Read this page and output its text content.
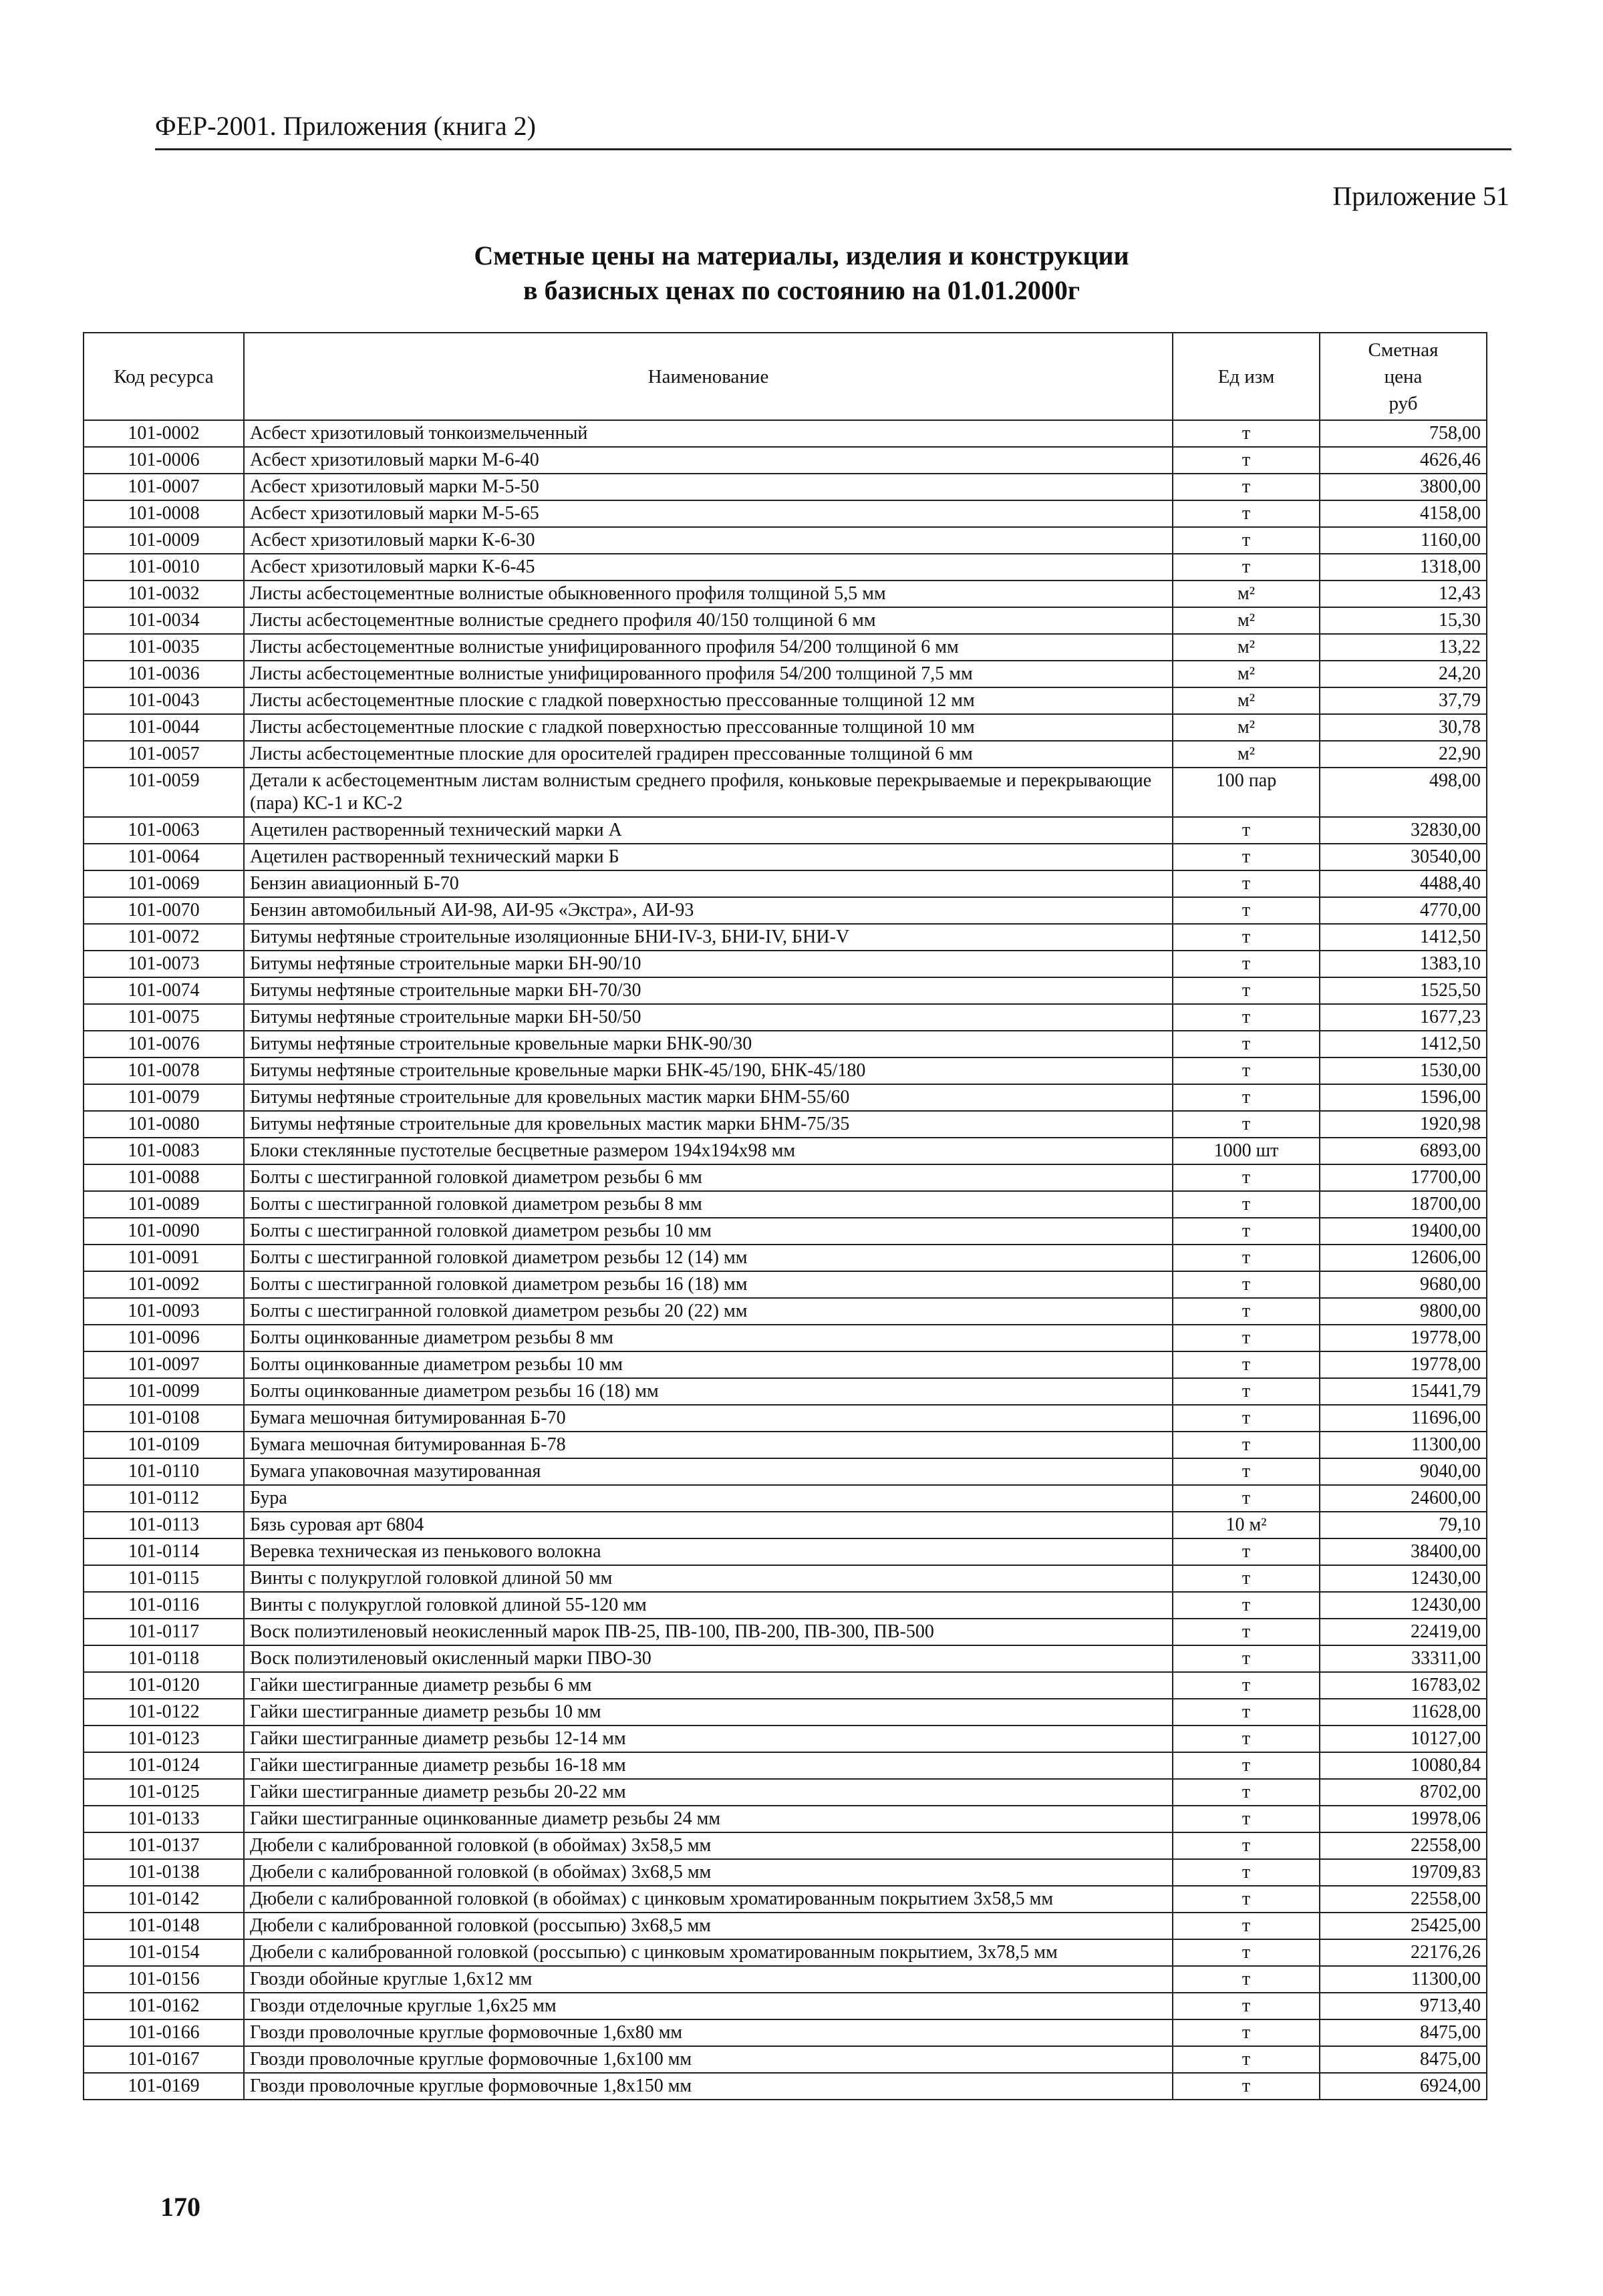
ФЕР-2001. Приложения (книга 2)
Приложение 51
Сметные цены на материалы, изделия и конструкции
в базисных ценах по состоянию на 01.01.2000г
Код ресурса	Наименование	Ед изм	Сметная
цена
руб
101-0002	Асбест хризотиловый тонкоизмельченный	т	758,00
101-0006	Асбест хризотиловый марки М-6-40	т	4626,46
101-0007	Асбест хризотиловый марки М-5-50	т	3800,00
101-0008	Асбест хризотиловый марки М-5-65	т	4158,00
101-0009	Асбест хризотиловый марки К-6-30	т	1160,00
101-0010	Асбест хризотиловый марки К-6-45	т	1318,00
101-0032	Листы асбестоцементные волнистые обыкновенного профиля толщиной 5,5 мм	м²	12,43
101-0034	Листы асбестоцементные волнистые среднего профиля 40/150 толщиной 6 мм	м²	15,30
101-0035	Листы асбестоцементные волнистые унифицированного профиля 54/200 толщиной 6 мм	м²	13,22
101-0036	Листы асбестоцементные волнистые унифицированного профиля 54/200 толщиной 7,5 мм	м²	24,20
101-0043	Листы асбестоцементные плоские с гладкой поверхностью прессованные толщиной 12 мм	м²	37,79
101-0044	Листы асбестоцементные плоские с гладкой поверхностью прессованные толщиной 10 мм	м²	30,78
101-0057	Листы асбестоцементные плоские для оросителей градирен прессованные толщиной 6 мм	м²	22,90
101-0059	Детали к асбестоцементным листам волнистым среднего профиля, коньковые перекрываемые и перекрывающие (пара) КС-1 и КС-2	100 пар	498,00
101-0063	Ацетилен растворенный технический марки А	т	32830,00
101-0064	Ацетилен растворенный технический марки Б	т	30540,00
101-0069	Бензин авиационный Б-70	т	4488,40
101-0070	Бензин автомобильный АИ-98, АИ-95 «Экстра», АИ-93	т	4770,00
101-0072	Битумы нефтяные строительные изоляционные БНИ-IV-3, БНИ-IV, БНИ-V	т	1412,50
101-0073	Битумы нефтяные строительные марки БН-90/10	т	1383,10
101-0074	Битумы нефтяные строительные марки БН-70/30	т	1525,50
101-0075	Битумы нефтяные строительные марки БН-50/50	т	1677,23
101-0076	Битумы нефтяные строительные кровельные марки БНК-90/30	т	1412,50
101-0078	Битумы нефтяные строительные кровельные марки БНК-45/190, БНК-45/180	т	1530,00
101-0079	Битумы нефтяные строительные для кровельных мастик марки БНМ-55/60	т	1596,00
101-0080	Битумы нефтяные строительные для кровельных мастик марки БНМ-75/35	т	1920,98
101-0083	Блоки стеклянные пустотелые бесцветные размером 194х194х98 мм	1000 шт	6893,00
101-0088	Болты с шестигранной головкой диаметром резьбы 6 мм	т	17700,00
101-0089	Болты с шестигранной головкой диаметром резьбы 8 мм	т	18700,00
101-0090	Болты с шестигранной головкой диаметром резьбы 10 мм	т	19400,00
101-0091	Болты с шестигранной головкой диаметром резьбы 12 (14) мм	т	12606,00
101-0092	Болты с шестигранной головкой диаметром резьбы 16 (18) мм	т	9680,00
101-0093	Болты с шестигранной головкой диаметром резьбы 20 (22) мм	т	9800,00
101-0096	Болты оцинкованные диаметром резьбы 8 мм	т	19778,00
101-0097	Болты оцинкованные диаметром резьбы 10 мм	т	19778,00
101-0099	Болты оцинкованные диаметром резьбы 16 (18) мм	т	15441,79
101-0108	Бумага мешочная битумированная Б-70	т	11696,00
101-0109	Бумага мешочная битумированная Б-78	т	11300,00
101-0110	Бумага упаковочная мазутированная	т	9040,00
101-0112	Бура	т	24600,00
101-0113	Бязь суровая арт 6804	10 м²	79,10
101-0114	Веревка техническая из пенькового волокна	т	38400,00
101-0115	Винты с полукруглой головкой длиной 50 мм	т	12430,00
101-0116	Винты с полукруглой головкой длиной 55-120 мм	т	12430,00
101-0117	Воск полиэтиленовый неокисленный марок ПВ-25, ПВ-100, ПВ-200, ПВ-300, ПВ-500	т	22419,00
101-0118	Воск полиэтиленовый окисленный марки ПВО-30	т	33311,00
101-0120	Гайки шестигранные диаметр резьбы 6 мм	т	16783,02
101-0122	Гайки шестигранные диаметр резьбы 10 мм	т	11628,00
101-0123	Гайки шестигранные диаметр резьбы 12-14 мм	т	10127,00
101-0124	Гайки шестигранные диаметр резьбы 16-18 мм	т	10080,84
101-0125	Гайки шестигранные диаметр резьбы 20-22 мм	т	8702,00
101-0133	Гайки шестигранные оцинкованные диаметр резьбы 24 мм	т	19978,06
101-0137	Дюбели с калиброванной головкой (в обоймах) 3х58,5 мм	т	22558,00
101-0138	Дюбели с калиброванной головкой (в обоймах) 3х68,5 мм	т	19709,83
101-0142	Дюбели с калиброванной головкой (в обоймах) с цинковым хроматированным покрытием 3х58,5 мм	т	22558,00
101-0148	Дюбели с калиброванной головкой (россыпью) 3х68,5 мм	т	25425,00
101-0154	Дюбели с калиброванной головкой (россыпью) с цинковым хроматированным покрытием, 3х78,5 мм	т	22176,26
101-0156	Гвозди обойные круглые 1,6х12 мм	т	11300,00
101-0162	Гвозди отделочные круглые 1,6х25 мм	т	9713,40
101-0166	Гвозди проволочные круглые формовочные 1,6х80 мм	т	8475,00
101-0167	Гвозди проволочные круглые формовочные 1,6х100 мм	т	8475,00
101-0169	Гвозди проволочные круглые формовочные 1,8х150 мм	т	6924,00
170
